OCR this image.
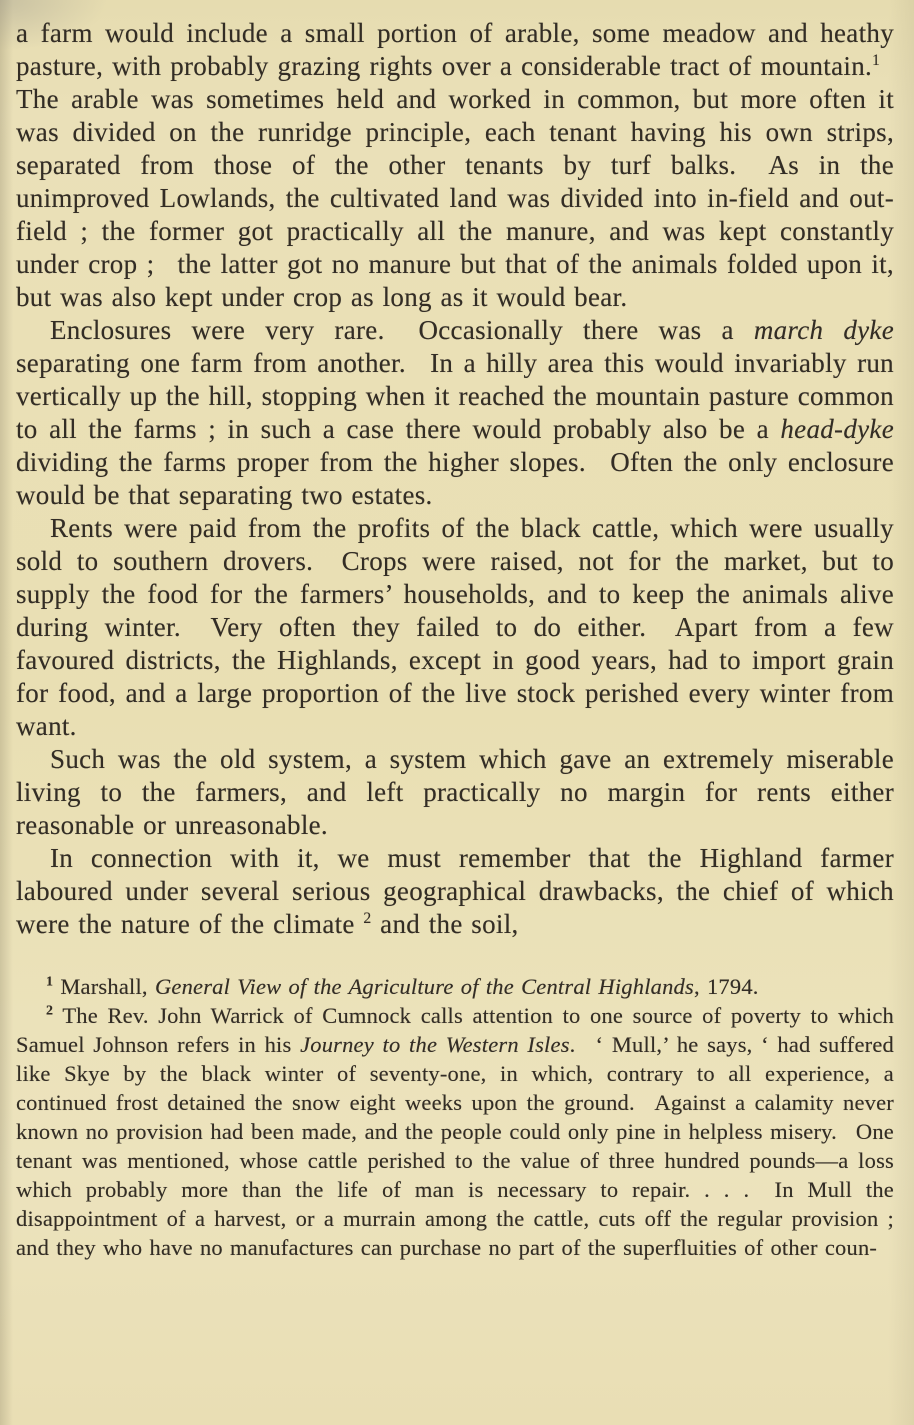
a farm would include a small portion of arable, some meadow and heathy pasture, with probably grazing rights over a considerable tract of mountain.$^1$  The arable was sometimes held and worked in common, but more often it was divided on the runridge principle, each tenant having his own strips, separated from those of the other tenants by turf balks.  As in the unimproved Lowlands, the cultivated land was divided into in-field and out-field ; the former got practically all the manure, and was kept constantly under crop ;  the latter got no manure but that of the animals folded upon it, but was also kept under crop as long as it would bear.

Enclosures were very rare.  Occasionally there was a march dyke separating one farm from another.  In a hilly area this would invariably run vertically up the hill, stopping when it reached the mountain pasture common to all the farms ; in such a case there would probably also be a head-dyke dividing the farms proper from the higher slopes.  Often the only enclosure would be that separating two estates.

Rents were paid from the profits of the black cattle, which were usually sold to southern drovers.  Crops were raised, not for the market, but to supply the food for the farmers’ households, and to keep the animals alive during winter.  Very often they failed to do either.  Apart from a few favoured districts, the Highlands, except in good years, had to import grain for food, and a large proportion of the live stock perished every winter from want.

Such was the old system, a system which gave an extremely miserable living to the farmers, and left practically no margin for rents either reasonable or unreasonable.

In connection with it, we must remember that the Highland farmer laboured under several serious geographical drawbacks, the chief of which were the nature of the climate $^2$ and the soil,

$^1$ Marshall, General View of the Agriculture of the Central Highlands, 1794.

$^2$ The Rev. John Warrick of Cumnock calls attention to one source of poverty to which Samuel Johnson refers in his Journey to the Western Isles.  ‘ Mull,’ he says, ‘ had suffered like Skye by the black winter of seventy-one, in which, contrary to all experience, a continued frost detained the snow eight weeks upon the ground.  Against a calamity never known no provision had been made, and the people could only pine in helpless misery.  One tenant was mentioned, whose cattle perished to the value of three hundred pounds—a loss which probably more than the life of man is necessary to repair. . . .  In Mull the disappointment of a harvest, or a murrain among the cattle, cuts off the regular provision ; and they who have no manufactures can purchase no part of the superfluities of other coun-
